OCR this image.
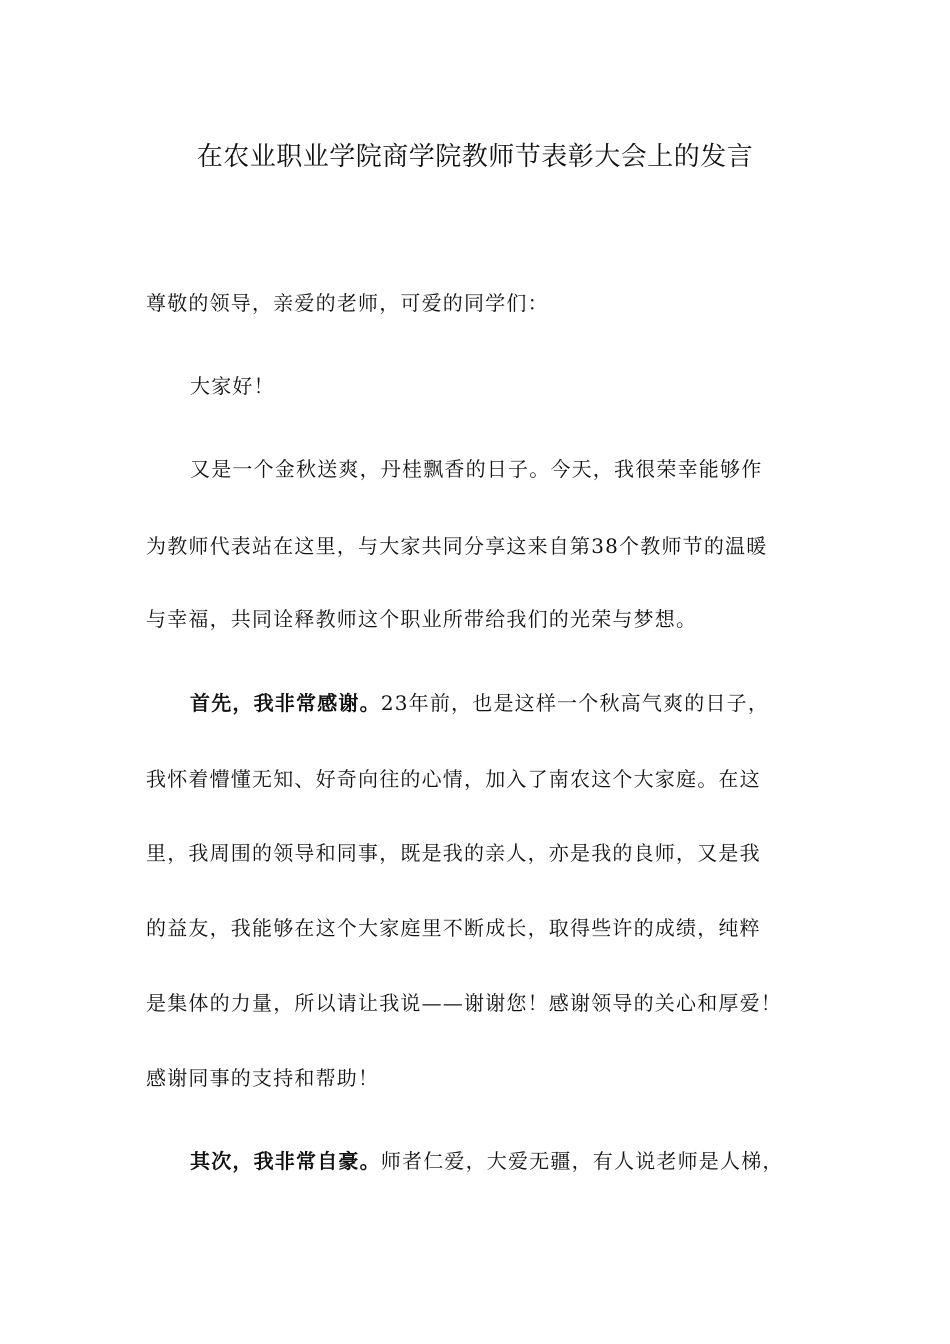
在农业职业学院商学院教师节表彰大会上的发言
尊敬的领导，亲爱的老师，可爱的同学们：
大家好！
又是一个金秋送爽，丹桂飘香的日子。今天，我很荣幸能够作
为教师代表站在这里，与大家共同分享这来自第38个教师节的温暖
与幸福，共同诠释教师这个职业所带给我们的光荣与梦想。
首先，我非常感谢。23年前，也是这样一个秋高气爽的日子，
我怀着懵懂无知、好奇向往的心情，加入了南农这个大家庭。在这
里，我周围的领导和同事，既是我的亲人，亦是我的良师，又是我
的益友，我能够在这个大家庭里不断成长，取得些许的成绩，纯粹
是集体的力量，所以请让我说——谢谢您！感谢领导的关心和厚爱！
感谢同事的支持和帮助！
其次，我非常自豪。师者仁爱，大爱无疆，有人说老师是人梯，
